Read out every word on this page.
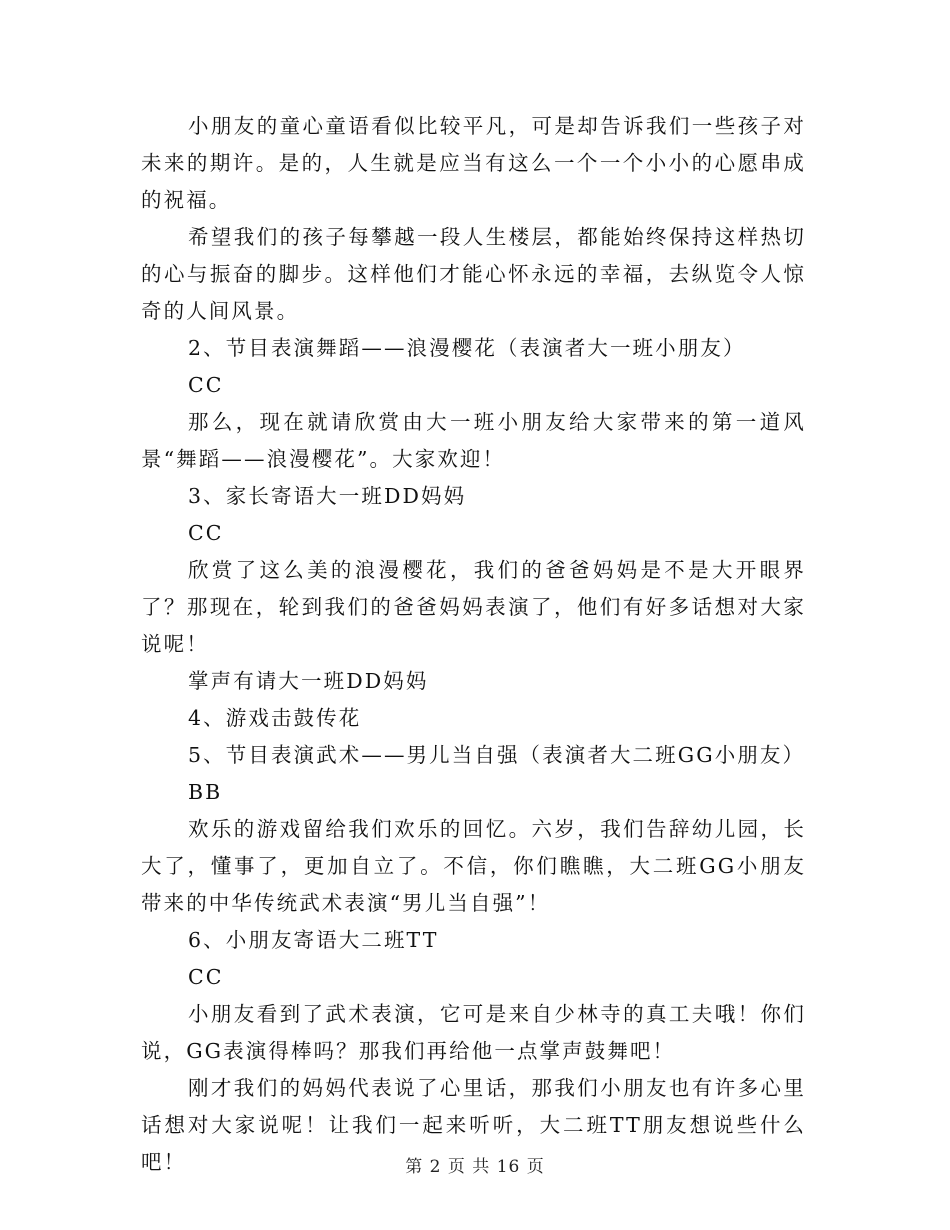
小朋友的童心童语看似比较平凡，可是却告诉我们一些孩子对未来的期许。是的，人生就是应当有这么一个一个小小的心愿串成的祝福。

希望我们的孩子每攀越一段人生楼层，都能始终保持这样热切的心与振奋的脚步。这样他们才能心怀永远的幸福，去纵览令人惊奇的人间风景。

2、节目表演舞蹈——浪漫樱花（表演者大一班小朋友）

CC

那么，现在就请欣赏由大一班小朋友给大家带来的第一道风景“舞蹈——浪漫樱花”。大家欢迎！

3、家长寄语大一班DD妈妈

CC

欣赏了这么美的浪漫樱花，我们的爸爸妈妈是不是大开眼界了？那现在，轮到我们的爸爸妈妈表演了，他们有好多话想对大家说呢！

掌声有请大一班DD妈妈

4、游戏击鼓传花

5、节目表演武术——男儿当自强（表演者大二班GG小朋友）

BB

欢乐的游戏留给我们欢乐的回忆。六岁，我们告辞幼儿园，长大了，懂事了，更加自立了。不信，你们瞧瞧，大二班GG小朋友带来的中华传统武术表演“男儿当自强”！

6、小朋友寄语大二班TT

CC

小朋友看到了武术表演，它可是来自少林寺的真工夫哦！你们说，GG表演得棒吗？那我们再给他一点掌声鼓舞吧！

刚才我们的妈妈代表说了心里话，那我们小朋友也有许多心里话想对大家说呢！让我们一起来听听，大二班TT朋友想说些什么吧！	第 2 页 共 16 页
